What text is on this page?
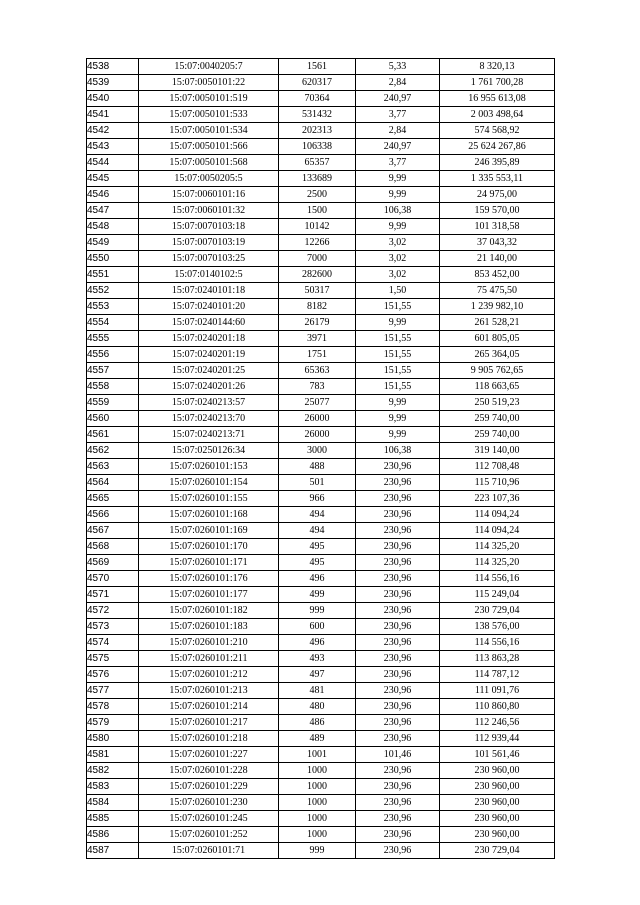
4538	15:07:0040205:7	1561	5,33	8 320,13
4539	15:07:0050101:22	620317	2,84	1 761 700,28
4540	15:07:0050101:519	70364	240,97	16 955 613,08
4541	15:07:0050101:533	531432	3,77	2 003 498,64
4542	15:07:0050101:534	202313	2,84	574 568,92
4543	15:07:0050101:566	106338	240,97	25 624 267,86
4544	15:07:0050101:568	65357	3,77	246 395,89
4545	15:07:0050205:5	133689	9,99	1 335 553,11
4546	15:07:0060101:16	2500	9,99	24 975,00
4547	15:07:0060101:32	1500	106,38	159 570,00
4548	15:07:0070103:18	10142	9,99	101 318,58
4549	15:07:0070103:19	12266	3,02	37 043,32
4550	15:07:0070103:25	7000	3,02	21 140,00
4551	15:07:0140102:5	282600	3,02	853 452,00
4552	15:07:0240101:18	50317	1,50	75 475,50
4553	15:07:0240101:20	8182	151,55	1 239 982,10
4554	15:07:0240144:60	26179	9,99	261 528,21
4555	15:07:0240201:18	3971	151,55	601 805,05
4556	15:07:0240201:19	1751	151,55	265 364,05
4557	15:07:0240201:25	65363	151,55	9 905 762,65
4558	15:07:0240201:26	783	151,55	118 663,65
4559	15:07:0240213:57	25077	9,99	250 519,23
4560	15:07:0240213:70	26000	9,99	259 740,00
4561	15:07:0240213:71	26000	9,99	259 740,00
4562	15:07:0250126:34	3000	106,38	319 140,00
4563	15:07:0260101:153	488	230,96	112 708,48
4564	15:07:0260101:154	501	230,96	115 710,96
4565	15:07:0260101:155	966	230,96	223 107,36
4566	15:07:0260101:168	494	230,96	114 094,24
4567	15:07:0260101:169	494	230,96	114 094,24
4568	15:07:0260101:170	495	230,96	114 325,20
4569	15:07:0260101:171	495	230,96	114 325,20
4570	15:07:0260101:176	496	230,96	114 556,16
4571	15:07:0260101:177	499	230,96	115 249,04
4572	15:07:0260101:182	999	230,96	230 729,04
4573	15:07:0260101:183	600	230,96	138 576,00
4574	15:07:0260101:210	496	230,96	114 556,16
4575	15:07:0260101:211	493	230,96	113 863,28
4576	15:07:0260101:212	497	230,96	114 787,12
4577	15:07:0260101:213	481	230,96	111 091,76
4578	15:07:0260101:214	480	230,96	110 860,80
4579	15:07:0260101:217	486	230,96	112 246,56
4580	15:07:0260101:218	489	230,96	112 939,44
4581	15:07:0260101:227	1001	101,46	101 561,46
4582	15:07:0260101:228	1000	230,96	230 960,00
4583	15:07:0260101:229	1000	230,96	230 960,00
4584	15:07:0260101:230	1000	230,96	230 960,00
4585	15:07:0260101:245	1000	230,96	230 960,00
4586	15:07:0260101:252	1000	230,96	230 960,00
4587	15:07:0260101:71	999	230,96	230 729,04
